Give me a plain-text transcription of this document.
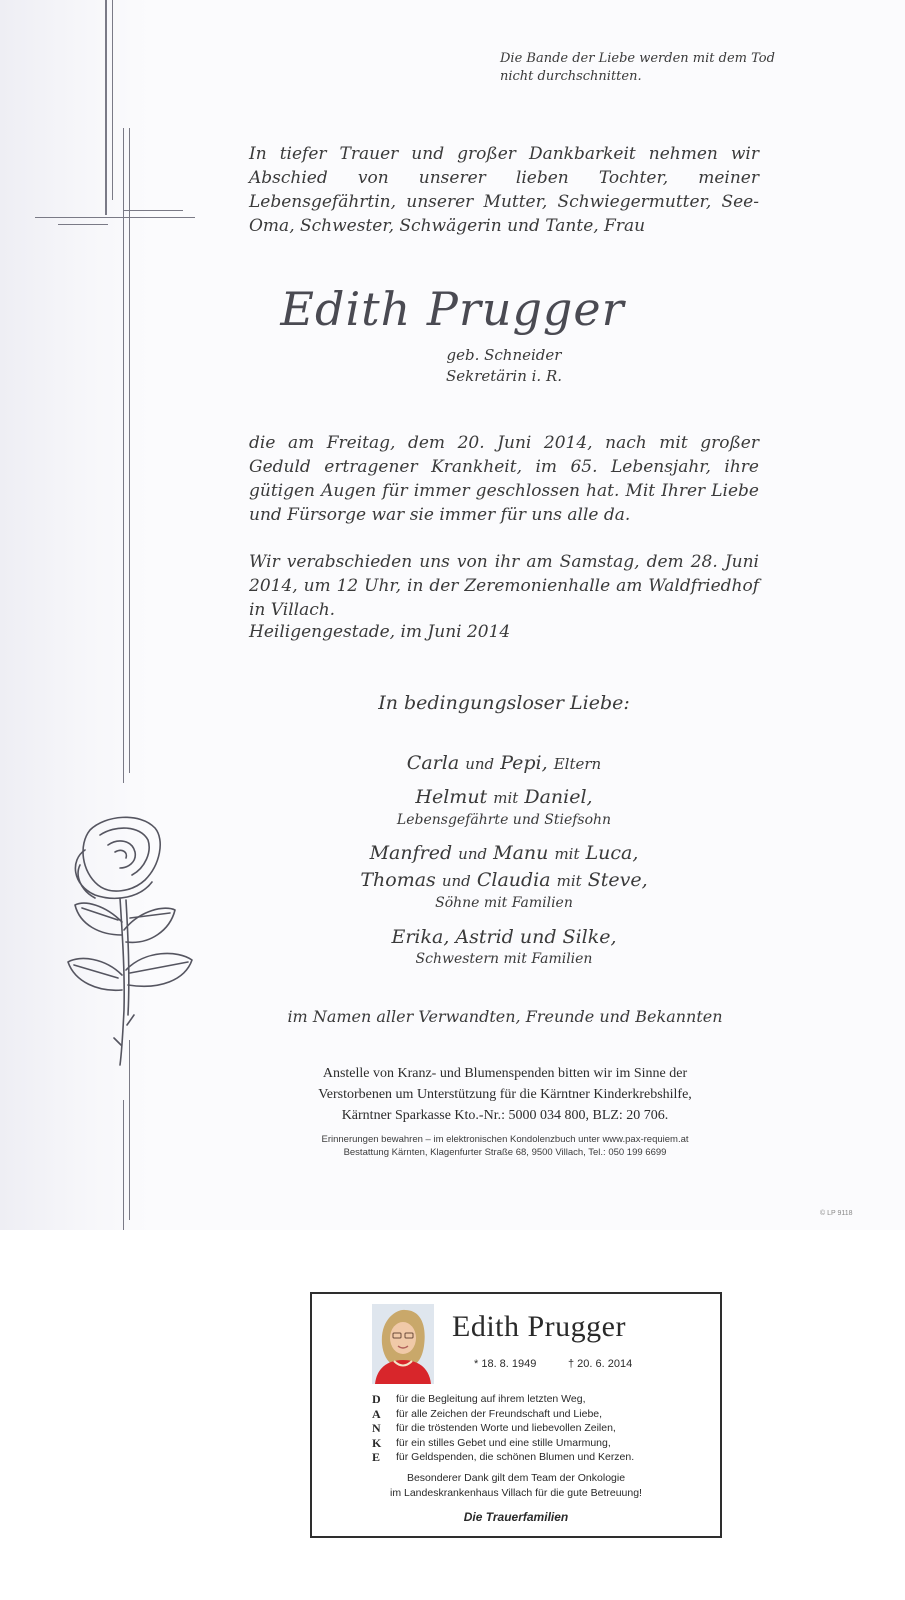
Die Bande der Liebe werden mit dem Tod
nicht durchschnitten.
In tiefer Trauer und großer Dankbarkeit nehmen wir Abschied von unserer lieben Tochter, meiner Lebensgefährtin, unserer Mutter, Schwiegermutter, See-Oma, Schwester, Schwägerin und Tante, Frau
Edith Prugger
geb. Schneider
Sekretärin i. R.
die am Freitag, dem 20. Juni 2014, nach mit großer Geduld ertragener Krankheit, im 65. Lebensjahr, ihre gütigen Augen für immer geschlossen hat. Mit Ihrer Liebe und Fürsorge war sie immer für uns alle da.
Wir verabschieden uns von ihr am Samstag, dem 28. Juni 2014, um 12 Uhr, in der Zeremonienhalle am Waldfriedhof in Villach.
Heiligengestade, im Juni 2014
In bedingungsloser Liebe:
Carla und Pepi, Eltern
Helmut mit Daniel,
Lebensgefährte und Stiefsohn
Manfred und Manu mit Luca,
Thomas und Claudia mit Steve,
Söhne mit Familien
Erika, Astrid und Silke,
Schwestern mit Familien
im Namen aller Verwandten, Freunde und Bekannten
Anstelle von Kranz- und Blumenspenden bitten wir im Sinne der
Verstorbenen um Unterstützung für die Kärntner Kinderkrebshilfe,
Kärntner Sparkasse Kto.-Nr.: 5000 034 800, BLZ: 20 706.
Erinnerungen bewahren – im elektronischen Kondolenzbuch unter www.pax-requiem.at
Bestattung Kärnten, Klagenfurter Straße 68, 9500 Villach, Tel.: 050 199 6699
© LP 9118
Edith Prugger
* 18. 8. 1949	† 20. 6. 2014
D	für die Begleitung auf ihrem letzten Weg,
A	für alle Zeichen der Freundschaft und Liebe,
N	für die tröstenden Worte und liebevollen Zeilen,
K	für ein stilles Gebet und eine stille Umarmung,
E	für Geldspenden, die schönen Blumen und Kerzen.
Besonderer Dank gilt dem Team der Onkologie
im Landeskrankenhaus Villach für die gute Betreuung!
Die Trauerfamilien
